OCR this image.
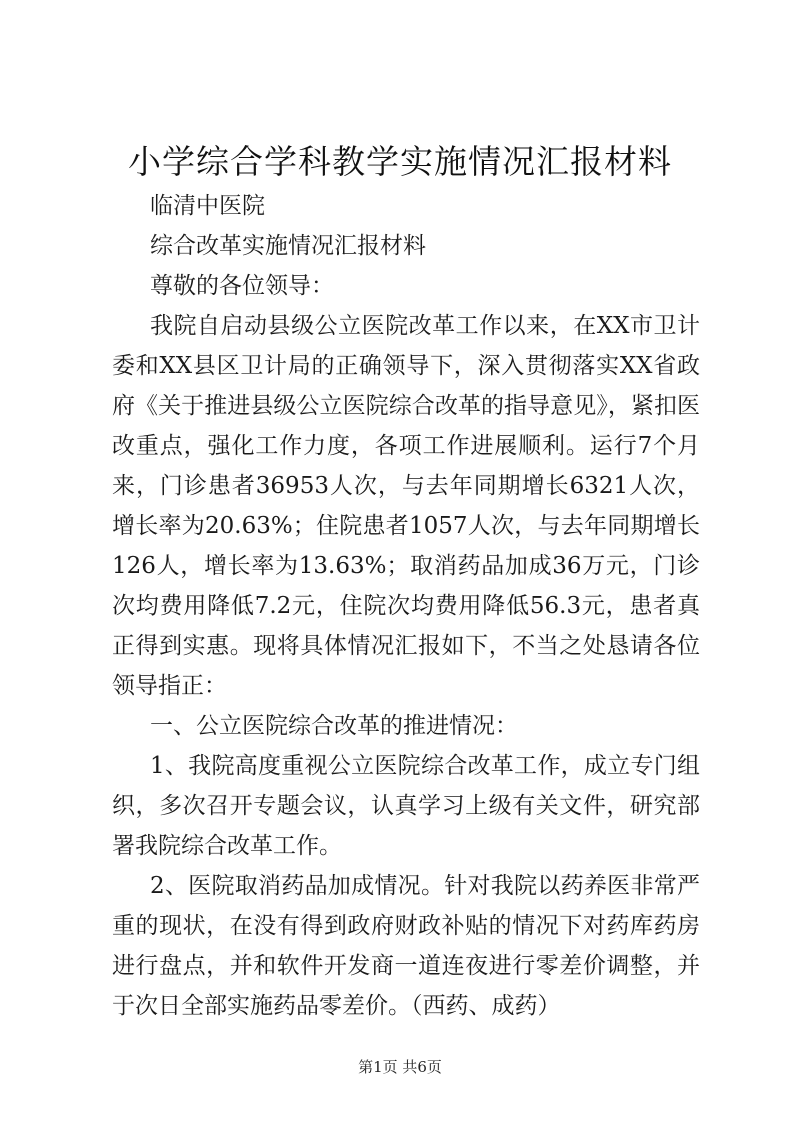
小学综合学科教学实施情况汇报材料

临清中医院

综合改革实施情况汇报材料

尊敬的各位领导：

我院自启动县级公立医院改革工作以来，在XX市卫计委和XX县区卫计局的正确领导下，深入贯彻落实XX省政府《关于推进县级公立医院综合改革的指导意见》，紧扣医改重点，强化工作力度，各项工作进展顺利。运行7个月来，门诊患者36953人次，与去年同期增长6321人次，增长率为20.63%；住院患者1057人次，与去年同期增长126人，增长率为13.63%；取消药品加成36万元，门诊次均费用降低7.2元，住院次均费用降低56.3元，患者真正得到实惠。现将具体情况汇报如下，不当之处恳请各位领导指正：

一、公立医院综合改革的推进情况：

1、我院高度重视公立医院综合改革工作，成立专门组织，多次召开专题会议，认真学习上级有关文件，研究部署我院综合改革工作。

2、医院取消药品加成情况。针对我院以药养医非常严重的现状，在没有得到政府财政补贴的情况下对药库药房进行盘点，并和软件开发商一道连夜进行零差价调整，并于次日全部实施药品零差价。（西药、成药）

第1页 共6页
